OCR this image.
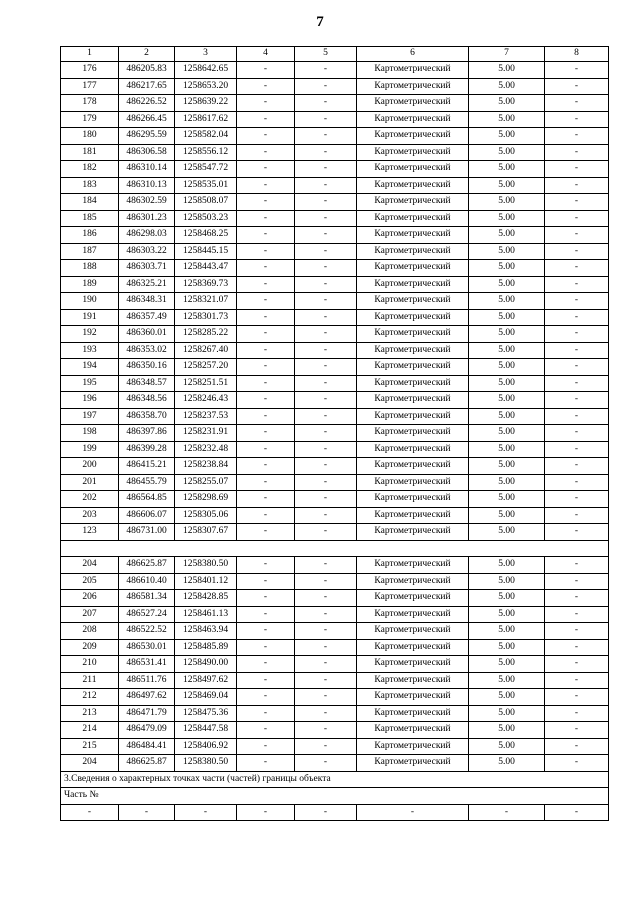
7
1	2	3	4	5	6	7	8
176	486205.83	1258642.65	-	-	Картометрический	5.00	-
177	486217.65	1258653.20	-	-	Картометрический	5.00	-
178	486226.52	1258639.22	-	-	Картометрический	5.00	-
179	486266.45	1258617.62	-	-	Картометрический	5.00	-
180	486295.59	1258582.04	-	-	Картометрический	5.00	-
181	486306.58	1258556.12	-	-	Картометрический	5.00	-
182	486310.14	1258547.72	-	-	Картометрический	5.00	-
183	486310.13	1258535.01	-	-	Картометрический	5.00	-
184	486302.59	1258508.07	-	-	Картометрический	5.00	-
185	486301.23	1258503.23	-	-	Картометрический	5.00	-
186	486298.03	1258468.25	-	-	Картометрический	5.00	-
187	486303.22	1258445.15	-	-	Картометрический	5.00	-
188	486303.71	1258443.47	-	-	Картометрический	5.00	-
189	486325.21	1258369.73	-	-	Картометрический	5.00	-
190	486348.31	1258321.07	-	-	Картометрический	5.00	-
191	486357.49	1258301.73	-	-	Картометрический	5.00	-
192	486360.01	1258285.22	-	-	Картометрический	5.00	-
193	486353.02	1258267.40	-	-	Картометрический	5.00	-
194	486350.16	1258257.20	-	-	Картометрический	5.00	-
195	486348.57	1258251.51	-	-	Картометрический	5.00	-
196	486348.56	1258246.43	-	-	Картометрический	5.00	-
197	486358.70	1258237.53	-	-	Картометрический	5.00	-
198	486397.86	1258231.91	-	-	Картометрический	5.00	-
199	486399.28	1258232.48	-	-	Картометрический	5.00	-
200	486415.21	1258238.84	-	-	Картометрический	5.00	-
201	486455.79	1258255.07	-	-	Картометрический	5.00	-
202	486564.85	1258298.69	-	-	Картометрический	5.00	-
203	486606.07	1258305.06	-	-	Картометрический	5.00	-
123	486731.00	1258307.67	-	-	Картометрический	5.00	-

204	486625.87	1258380.50	-	-	Картометрический	5.00	-
205	486610.40	1258401.12	-	-	Картометрический	5.00	-
206	486581.34	1258428.85	-	-	Картометрический	5.00	-
207	486527.24	1258461.13	-	-	Картометрический	5.00	-
208	486522.52	1258463.94	-	-	Картометрический	5.00	-
209	486530.01	1258485.89	-	-	Картометрический	5.00	-
210	486531.41	1258490.00	-	-	Картометрический	5.00	-
211	486511.76	1258497.62	-	-	Картометрический	5.00	-
212	486497.62	1258469.04	-	-	Картометрический	5.00	-
213	486471.79	1258475.36	-	-	Картометрический	5.00	-
214	486479.09	1258447.58	-	-	Картометрический	5.00	-
215	486484.41	1258406.92	-	-	Картометрический	5.00	-
204	486625.87	1258380.50	-	-	Картометрический	5.00	-
3.Сведения о характерных точках части (частей) границы объекта							
Часть №							
-	-	-	-	-	-	-	-
